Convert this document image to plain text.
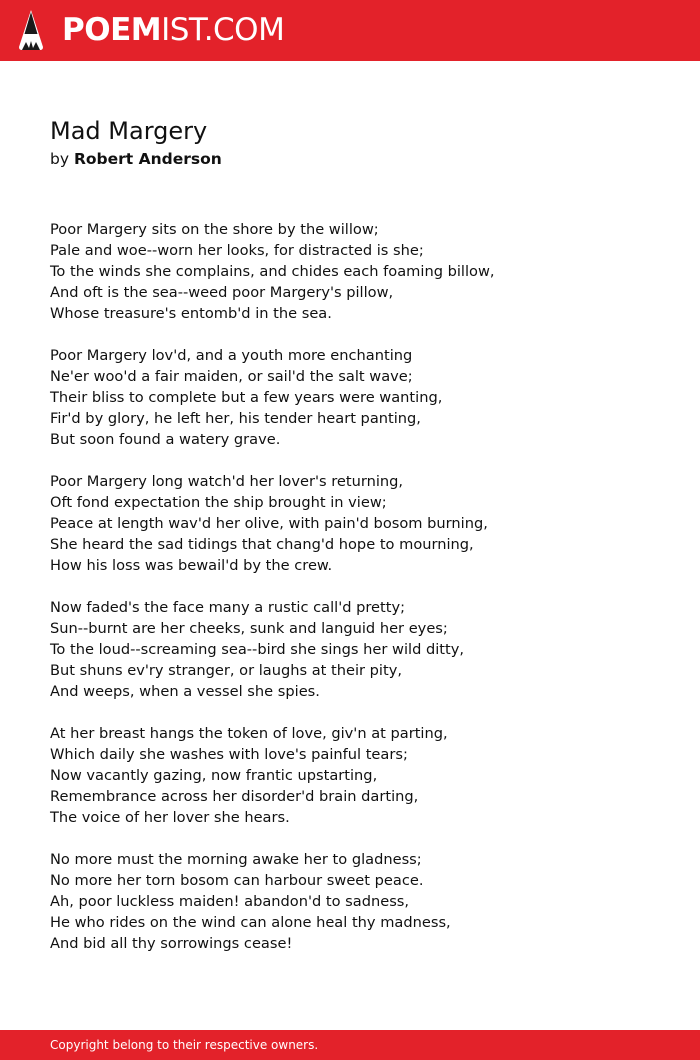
POEMIST.COM
Mad Margery
by Robert Anderson
Poor Margery sits on the shore by the willow;
Pale and woe--worn her looks, for distracted is she;
To the winds she complains, and chides each foaming billow,
And oft is the sea--weed poor Margery's pillow,
Whose treasure's entomb'd in the sea.
Poor Margery lov'd, and a youth more enchanting
Ne'er woo'd a fair maiden, or sail'd the salt wave;
Their bliss to complete but a few years were wanting,
Fir'd by glory, he left her, his tender heart panting,
But soon found a watery grave.
Poor Margery long watch'd her lover's returning,
Oft fond expectation the ship brought in view;
Peace at length wav'd her olive, with pain'd bosom burning,
She heard the sad tidings that chang'd hope to mourning,
How his loss was bewail'd by the crew.
Now faded's the face many a rustic call'd pretty;
Sun--burnt are her cheeks, sunk and languid her eyes;
To the loud--screaming sea--bird she sings her wild ditty,
But shuns ev'ry stranger, or laughs at their pity,
And weeps, when a vessel she spies.
At her breast hangs the token of love, giv'n at parting,
Which daily she washes with love's painful tears;
Now vacantly gazing, now frantic upstarting,
Remembrance across her disorder'd brain darting,
The voice of her lover she hears.
No more must the morning awake her to gladness;
No more her torn bosom can harbour sweet peace.
Ah, poor luckless maiden! abandon'd to sadness,
He who rides on the wind can alone heal thy madness,
And bid all thy sorrowings cease!
Copyright belong to their respective owners.
